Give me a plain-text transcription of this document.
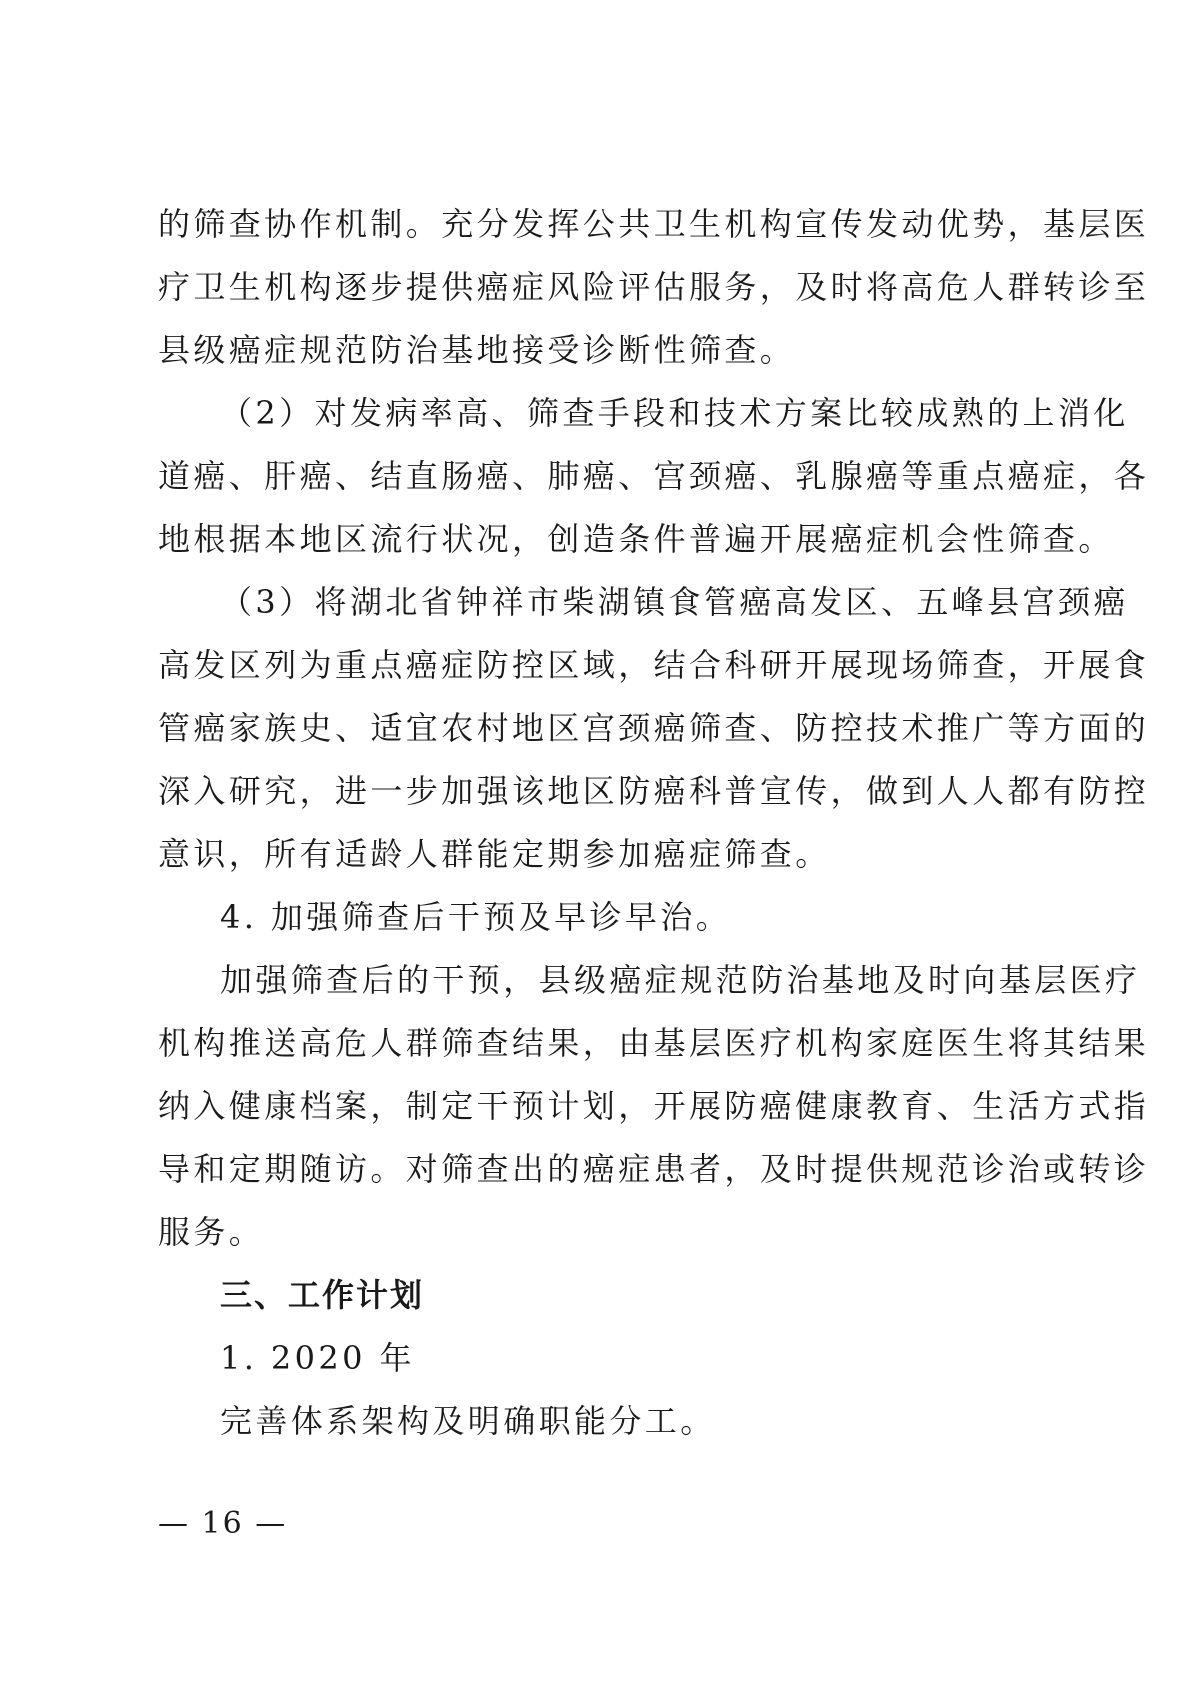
的筛查协作机制。充分发挥公共卫生机构宣传发动优势，基层医

疗卫生机构逐步提供癌症风险评估服务，及时将高危人群转诊至

县级癌症规范防治基地接受诊断性筛查。

（2）对发病率高、筛查手段和技术方案比较成熟的上消化

道癌、肝癌、结直肠癌、肺癌、宫颈癌、乳腺癌等重点癌症，各

地根据本地区流行状况，创造条件普遍开展癌症机会性筛查。

（3）将湖北省钟祥市柴湖镇食管癌高发区、五峰县宫颈癌

高发区列为重点癌症防控区域，结合科研开展现场筛查，开展食

管癌家族史、适宜农村地区宫颈癌筛查、防控技术推广等方面的

深入研究，进一步加强该地区防癌科普宣传，做到人人都有防控

意识，所有适龄人群能定期参加癌症筛查。

4. 加强筛查后干预及早诊早治。

加强筛查后的干预，县级癌症规范防治基地及时向基层医疗

机构推送高危人群筛查结果，由基层医疗机构家庭医生将其结果

纳入健康档案，制定干预计划，开展防癌健康教育、生活方式指

导和定期随访。对筛查出的癌症患者，及时提供规范诊治或转诊

服务。

三、工作计划

1. 2020 年

完善体系架构及明确职能分工。

— 16 —
